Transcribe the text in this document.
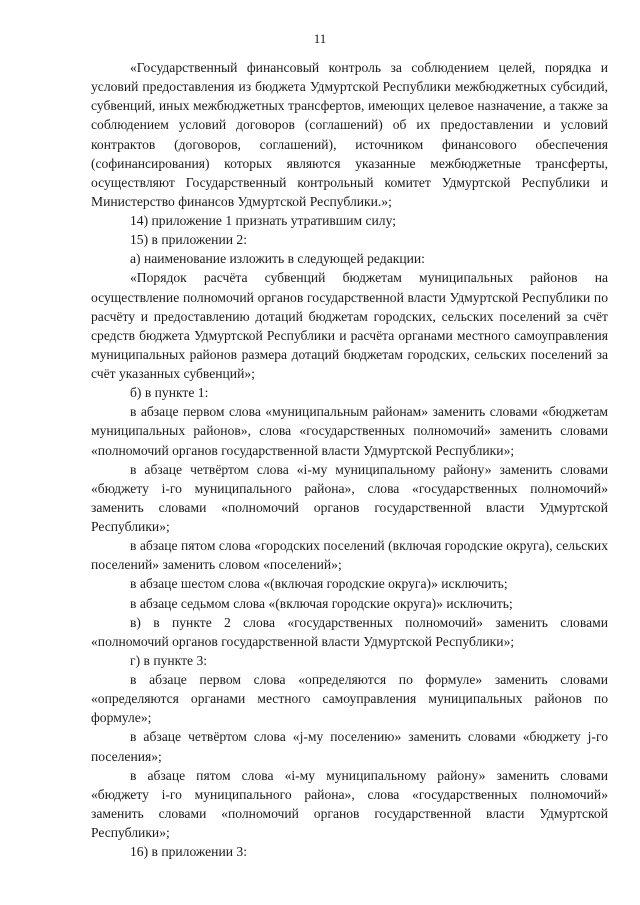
11

«Государственный финансовый контроль за соблюдением целей, порядка и условий предоставления из бюджета Удмуртской Республики межбюджетных субсидий, субвенций, иных межбюджетных трансфертов, имеющих целевое назначение, а также за соблюдением условий договоров (соглашений) об их предоставлении и условий контрактов (договоров, соглашений), источником финансового обеспечения (софинансирования) которых являются указанные межбюджетные трансферты, осуществляют Государственный контрольный комитет Удмуртской Республики и Министерство финансов Удмуртской Республики.»;

14) приложение 1 признать утратившим силу;

15) в приложении 2:

а) наименование изложить в следующей редакции:

«Порядок расчёта субвенций бюджетам муниципальных районов на осуществление полномочий органов государственной власти Удмуртской Республики по расчёту и предоставлению дотаций бюджетам городских, сельских поселений за счёт средств бюджета Удмуртской Республики и расчёта органами местного самоуправления муниципальных районов размера дотаций бюджетам городских, сельских поселений за счёт указанных субвенций»;

б) в пункте 1:

в абзаце первом слова «муниципальным районам» заменить словами «бюджетам муниципальных районов», слова «государственных полномочий» заменить словами «полномочий органов государственной власти Удмуртской Республики»;

в абзаце четвёртом слова «i-му муниципальному району» заменить словами «бюджету i-го муниципального района», слова «государственных полномочий» заменить словами «полномочий органов государственной власти Удмуртской Республики»;

в абзаце пятом слова «городских поселений (включая городские округа), сельских поселений» заменить словом «поселений»;

в абзаце шестом слова «(включая городские округа)» исключить;

в абзаце седьмом слова «(включая городские округа)» исключить;

в) в пункте 2 слова «государственных полномочий» заменить словами «полномочий органов государственной власти Удмуртской Республики»;

г) в пункте 3:

в абзаце первом слова «определяются по формуле» заменить словами «определяются органами местного самоуправления муниципальных районов по формуле»;

в абзаце четвёртом слова «j-му поселению» заменить словами «бюджету j-го поселения»;

в абзаце пятом слова «i-му муниципальному району» заменить словами «бюджету i-го муниципального района», слова «государственных полномочий» заменить словами «полномочий органов государственной власти Удмуртской Республики»;

16) в приложении 3:
